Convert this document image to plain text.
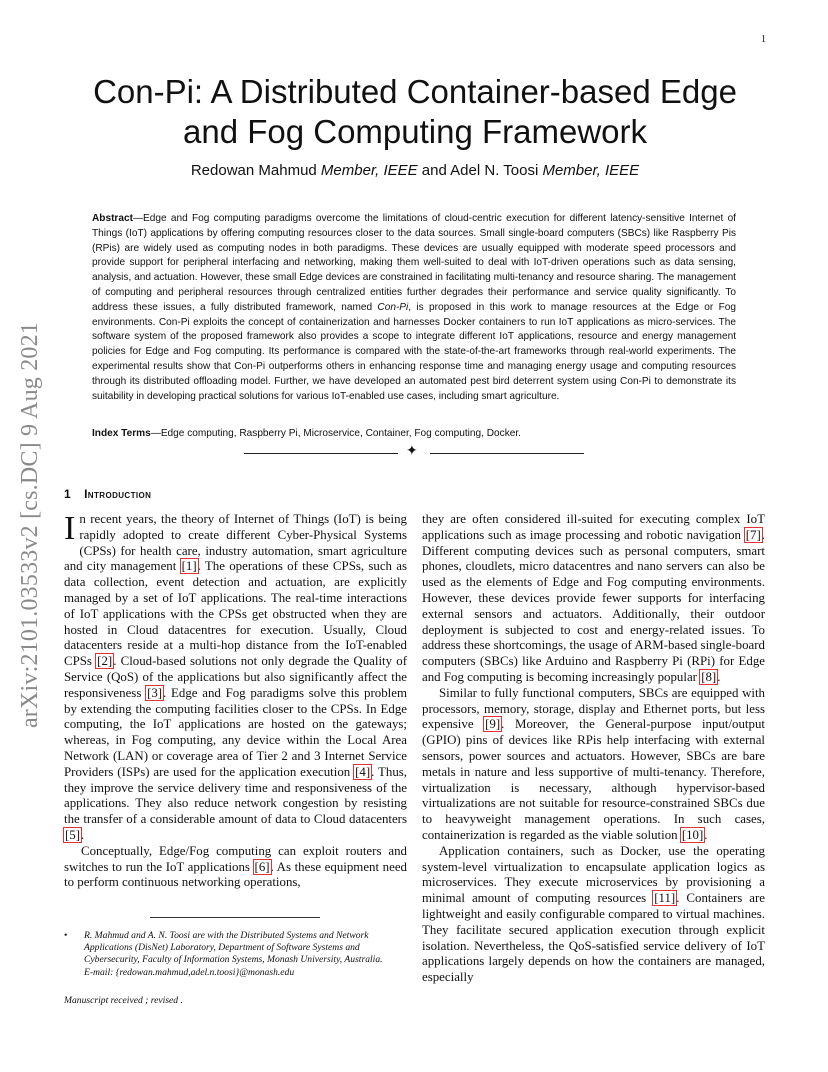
1
arXiv:2101.03533v2 [cs.DC] 9 Aug 2021
Con-Pi: A Distributed Container-based Edge
and Fog Computing Framework
Redowan Mahmud Member, IEEE and Adel N. Toosi Member, IEEE

Abstract—Edge and Fog computing paradigms overcome the limitations of cloud-centric execution for different latency-sensitive Internet of Things (IoT) applications by offering computing resources closer to the data sources. Small single-board computers (SBCs) like Raspberry Pis (RPis) are widely used as computing nodes in both paradigms. These devices are usually equipped with moderate speed processors and provide support for peripheral interfacing and networking, making them well-suited to deal with IoT-driven operations such as data sensing, analysis, and actuation. However, these small Edge devices are constrained in facilitating multi-tenancy and resource sharing. The management of computing and peripheral resources through centralized entities further degrades their performance and service quality significantly. To address these issues, a fully distributed framework, named Con-Pi, is proposed in this work to manage resources at the Edge or Fog environments. Con-Pi exploits the concept of containerization and harnesses Docker containers to run IoT applications as micro-services. The software system of the proposed framework also provides a scope to integrate different IoT applications, resource and energy management policies for Edge and Fog computing. Its performance is compared with the state-of-the-art frameworks through real-world experiments. The experimental results show that Con-Pi outperforms others in enhancing response time and managing energy usage and computing resources through its distributed offloading model. Further, we have developed an automated pest bird deterrent system using Con-Pi to demonstrate its suitability in developing practical solutions for various IoT-enabled use cases, including smart agriculture.

Index Terms—Edge computing, Raspberry Pi, Microservice, Container, Fog computing, Docker.

✦
1 Introduction

In recent years, the theory of Internet of Things (IoT) is being rapidly adopted to create different Cyber-Physical Systems (CPSs) for health care, industry automation, smart agriculture and city management [1]. The operations of these CPSs, such as data collection, event detection and actuation, are explicitly managed by a set of IoT applications. The real-time interactions of IoT applications with the CPSs get obstructed when they are hosted in Cloud datacentres for execution. Usually, Cloud datacenters reside at a multi-hop distance from the IoT-enabled CPSs [2]. Cloud-based solutions not only degrade the Quality of Service (QoS) of the applications but also significantly affect the responsiveness [3]. Edge and Fog paradigms solve this problem by extending the computing facilities closer to the CPSs. In Edge computing, the IoT applications are hosted on the gateways; whereas, in Fog computing, any device within the Local Area Network (LAN) or coverage area of Tier 2 and 3 Internet Service Providers (ISPs) are used for the application execution [4]. Thus, they improve the service delivery time and responsiveness of the applications. They also reduce network congestion by resisting the transfer of a considerable amount of data to Cloud datacenters [5].

Conceptually, Edge/Fog computing can exploit routers and switches to run the IoT applications [6]. As these equipment need to perform continuous networking operations,

they are often considered ill-suited for executing complex IoT applications such as image processing and robotic navigation [7]. Different computing devices such as personal computers, smart phones, cloudlets, micro datacentres and nano servers can also be used as the elements of Edge and Fog computing environments. However, these devices provide fewer supports for interfacing external sensors and actuators. Additionally, their outdoor deployment is subjected to cost and energy-related issues. To address these shortcomings, the usage of ARM-based single-board computers (SBCs) like Arduino and Raspberry Pi (RPi) for Edge and Fog computing is becoming increasingly popular [8].

Similar to fully functional computers, SBCs are equipped with processors, memory, storage, display and Ethernet ports, but less expensive [9]. Moreover, the General-purpose input/output (GPIO) pins of devices like RPis help interfacing with external sensors, power sources and actuators. However, SBCs are bare metals in nature and less supportive of multi-tenancy. Therefore, virtualization is necessary, although hypervisor-based virtualizations are not suitable for resource-constrained SBCs due to heavyweight management operations. In such cases, containerization is regarded as the viable solution [10].

Application containers, such as Docker, use the operating system-level virtualization to encapsulate application logics as microservices. They execute microservices by provisioning a minimal amount of computing resources [11]. Containers are lightweight and easily configurable compared to virtual machines. They facilitate secured application execution through explicit isolation. Nevertheless, the QoS-satisfied service delivery of IoT applications largely depends on how the containers are managed, especially

• R. Mahmud and A. N. Toosi are with the Distributed Systems and Network Applications (DisNet) Laboratory, Department of Software Systems and Cybersecurity, Faculty of Information Systems, Monash University, Australia.
E-mail: {redowan.mahmud,adel.n.toosi}@monash.edu
Manuscript received ; revised .
